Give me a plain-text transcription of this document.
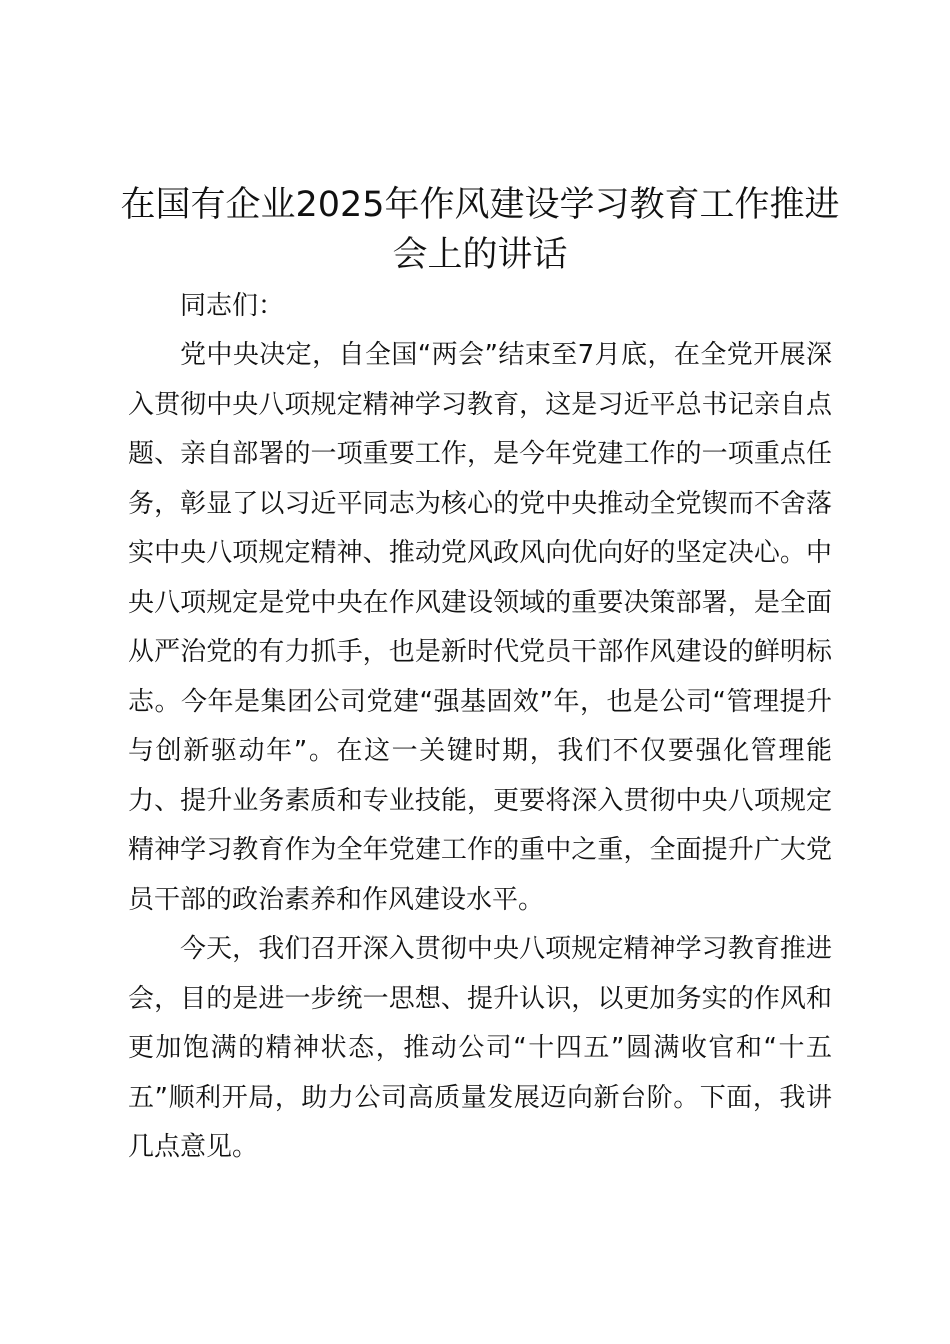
在国有企业2025年作风建设学习教育工作推进会上的讲话

同志们：

党中央决定，自全国“两会”结束至7月底，在全党开展深入贯彻中央八项规定精神学习教育，这是习近平总书记亲自点题、亲自部署的一项重要工作，是今年党建工作的一项重点任务，彰显了以习近平同志为核心的党中央推动全党锲而不舍落实中央八项规定精神、推动党风政风向优向好的坚定决心。中央八项规定是党中央在作风建设领域的重要决策部署，是全面从严治党的有力抓手，也是新时代党员干部作风建设的鲜明标志。今年是集团公司党建“强基固效”年，也是公司“管理提升与创新驱动年”。在这一关键时期，我们不仅要强化管理能力、提升业务素质和专业技能，更要将深入贯彻中央八项规定精神学习教育作为全年党建工作的重中之重，全面提升广大党员干部的政治素养和作风建设水平。

今天，我们召开深入贯彻中央八项规定精神学习教育推进会，目的是进一步统一思想、提升认识，以更加务实的作风和更加饱满的精神状态，推动公司“十四五”圆满收官和“十五五”顺利开局，助力公司高质量发展迈向新台阶。下面，我讲几点意见。
